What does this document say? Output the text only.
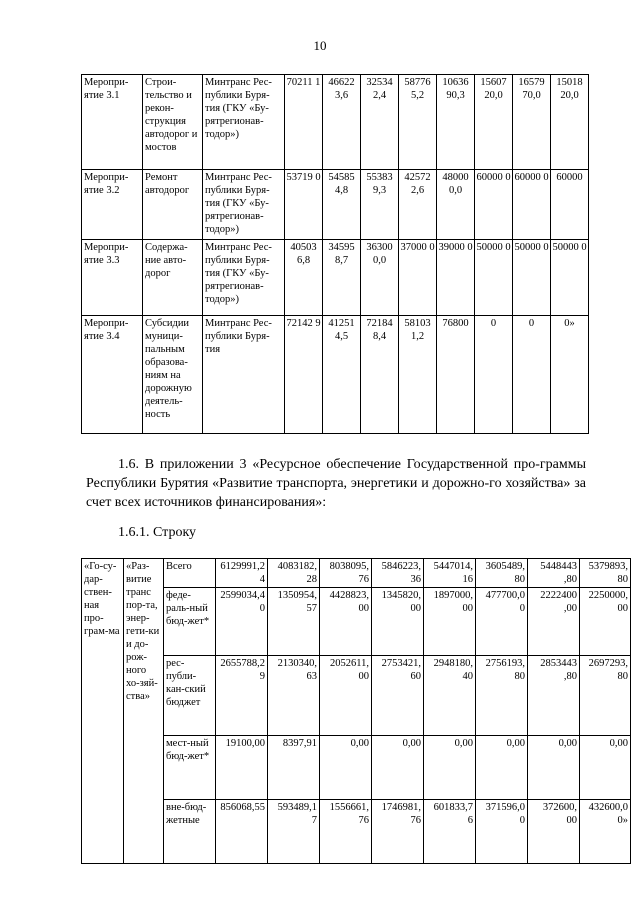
10
Меропри-ятие 3.1	Строи-тельство и рекон-струкция автодорог и мостов	Минтранс Рес-публики Буря-тия (ГКУ «Бу-рятрегионав-тодор»)	70211 1	46622 3,6	32534 2,4	58776 5,2	10636 90,3	15607 20,0	16579 70,0	15018 20,0
Меропри-ятие 3.2	Ремонт автодорог	Минтранс Рес-публики Буря-тия (ГКУ «Бу-рятрегионав-тодор»)	53719 0	54585 4,8	55383 9,3	42572 2,6	48000 0,0	60000 0	60000 0	60000
Меропри-ятие 3.3	Содержа-ние авто-дорог	Минтранс Рес-публики Буря-тия (ГКУ «Бу-рятрегионав-тодор»)	40503 6,8	34595 8,7	36300 0,0	37000 0	39000 0	50000 0	50000 0	50000 0
Меропри-ятие 3.4	Субсидии муници-пальным образова-ниям на дорожную деятель-ность	Минтранс Рес-публики Буря-тия	72142 9	41251 4,5	72184 8,4	58103 1,2	76800	0	0	0»
1.6. В приложении 3 «Ресурсное обеспечение Государственной про-граммы Республики Бурятия «Развитие транспорта, энергетики и дорожно-го хозяйства» за счет всех источников финансирования»:
1.6.1. Строку
«Го-су-дар-ствен-ная про-грам-ма	«Раз-витие транс пор-та, энер-гети-ки и до-рож-ного хо-зяй-ства»	Всего	6129991,2 4	4083182, 28	8038095, 76	5846223, 36	5447014, 16	3605489, 80	5448443 ,80	5379893, 80
		феде-раль-ный бюд-жет*	2599034,4 0	1350954, 57	4428823, 00	1345820, 00	1897000, 00	477700,0 0	2222400 ,00	2250000, 00
		рес-публи-кан-ский бюджет	2655788,2 9	2130340, 63	2052611, 00	2753421, 60	2948180, 40	2756193, 80	2853443 ,80	2697293, 80
		мест-ный бюд-жет*	19100,00	8397,91	0,00	0,00	0,00	0,00	0,00	0,00
		вне-бюд-жетные	856068,55	593489,1 7	1556661, 76	1746981, 76	601833,7 6	371596,0 0	372600, 00	432600,0 0»
